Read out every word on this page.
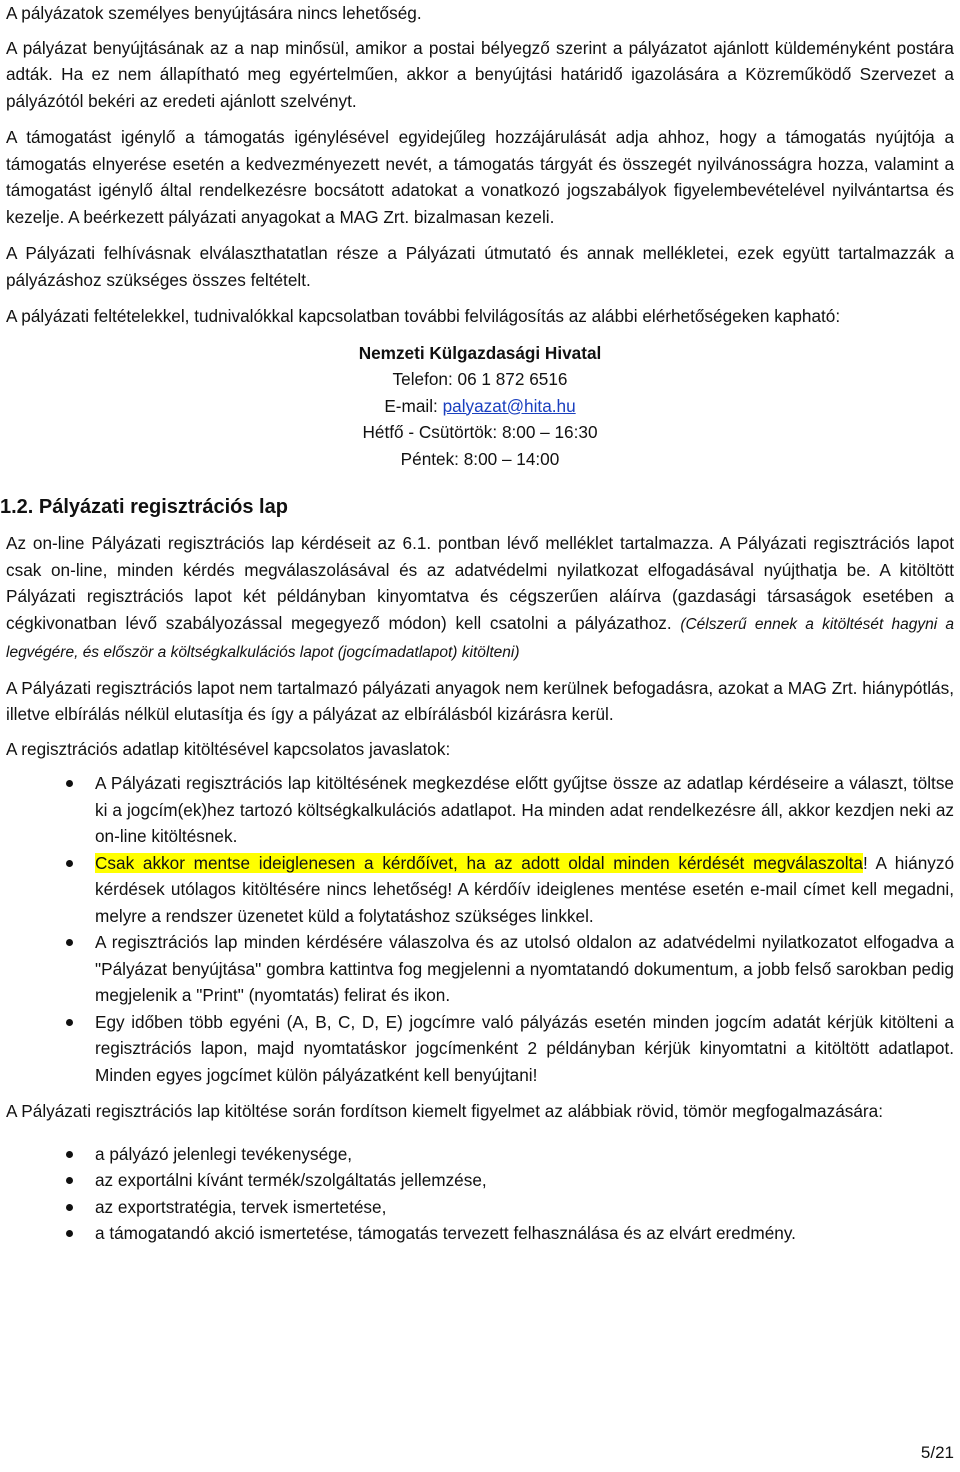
A pályázatok személyes benyújtására nincs lehetőség.

A pályázat benyújtásának az a nap minősül, amikor a postai bélyegző szerint a pályázatot ajánlott küldeményként postára adták. Ha ez nem állapítható meg egyértelműen, akkor a benyújtási határidő igazolására a Közreműködő Szervezet a pályázótól bekéri az eredeti ajánlott szelvényt.

A támogatást igénylő a támogatás igénylésével egyidejűleg hozzájárulását adja ahhoz, hogy a támogatás nyújtója a támogatás elnyerése esetén a kedvezményezett nevét, a támogatás tárgyát és összegét nyilvánosságra hozza, valamint a támogatást igénylő által rendelkezésre bocsátott adatokat a vonatkozó jogszabályok figyelembevételével nyilvántartsa és kezelje. A beérkezett pályázati anyagokat a MAG Zrt. bizalmasan kezeli.

A Pályázati felhívásnak elválaszthatatlan része a Pályázati útmutató és annak mellékletei, ezek együtt tartalmazzák a pályázáshoz szükséges összes feltételt.

A pályázati feltételekkel, tudnivalókkal kapcsolatban további felvilágosítás az alábbi elérhetőségeken kapható:

Nemzeti Külgazdasági Hivatal
Telefon: 06 1 872 6516
E-mail: palyazat@hita.hu
Hétfő - Csütörtök: 8:00 – 16:30
Péntek: 8:00 – 14:00
1.2. Pályázati regisztrációs lap

Az on-line Pályázati regisztrációs lap kérdéseit az 6.1. pontban lévő melléklet tartalmazza. A Pályázati regisztrációs lapot csak on-line, minden kérdés megválaszolásával és az adatvédelmi nyilatkozat elfogadásával nyújthatja be. A kitöltött Pályázati regisztrációs lapot két példányban kinyomtatva és cégszerűen aláírva (gazdasági társaságok esetében a cégkivonatban lévő szabályozással megegyező módon) kell csatolni a pályázathoz. (Célszerű ennek a kitöltését hagyni a legvégére, és először a költségkalkulációs lapot (jogcímadatlapot) kitölteni)

A Pályázati regisztrációs lapot nem tartalmazó pályázati anyagok nem kerülnek befogadásra, azokat a MAG Zrt. hiánypótlás, illetve elbírálás nélkül elutasítja és így a pályázat az elbírálásból kizárásra kerül.

A regisztrációs adatlap kitöltésével kapcsolatos javaslatok:

A Pályázati regisztrációs lap kitöltésének megkezdése előtt gyűjtse össze az adatlap kérdéseire a választ, töltse ki a jogcím(ek)hez tartozó költségkalkulációs adatlapot. Ha minden adat rendelkezésre áll, akkor kezdjen neki az on-line kitöltésnek.
Csak akkor mentse ideiglenesen a kérdőívet, ha az adott oldal minden kérdését megválaszolta! A hiányzó kérdések utólagos kitöltésére nincs lehetőség! A kérdőív ideiglenes mentése esetén e-mail címet kell megadni, melyre a rendszer üzenetet küld a folytatáshoz szükséges linkkel.
A regisztrációs lap minden kérdésére válaszolva és az utolsó oldalon az adatvédelmi nyilatkozatot elfogadva a "Pályázat benyújtása" gombra kattintva fog megjelenni a nyomtatandó dokumentum, a jobb felső sarokban pedig megjelenik a "Print" (nyomtatás) felirat és ikon.
Egy időben több egyéni (A, B, C, D, E) jogcímre való pályázás esetén minden jogcím adatát kérjük kitölteni a regisztrációs lapon, majd nyomtatáskor jogcímenként 2 példányban kérjük kinyomtatni a kitöltött adatlapot. Minden egyes jogcímet külön pályázatként kell benyújtani!

A Pályázati regisztrációs lap kitöltése során fordítson kiemelt figyelmet az alábbiak rövid, tömör megfogalmazására:

a pályázó jelenlegi tevékenysége,
az exportálni kívánt termék/szolgáltatás jellemzése,
az exportstratégia, tervek ismertetése,
a támogatandó akció ismertetése, támogatás tervezett felhasználása és az elvárt eredmény.
5/21
